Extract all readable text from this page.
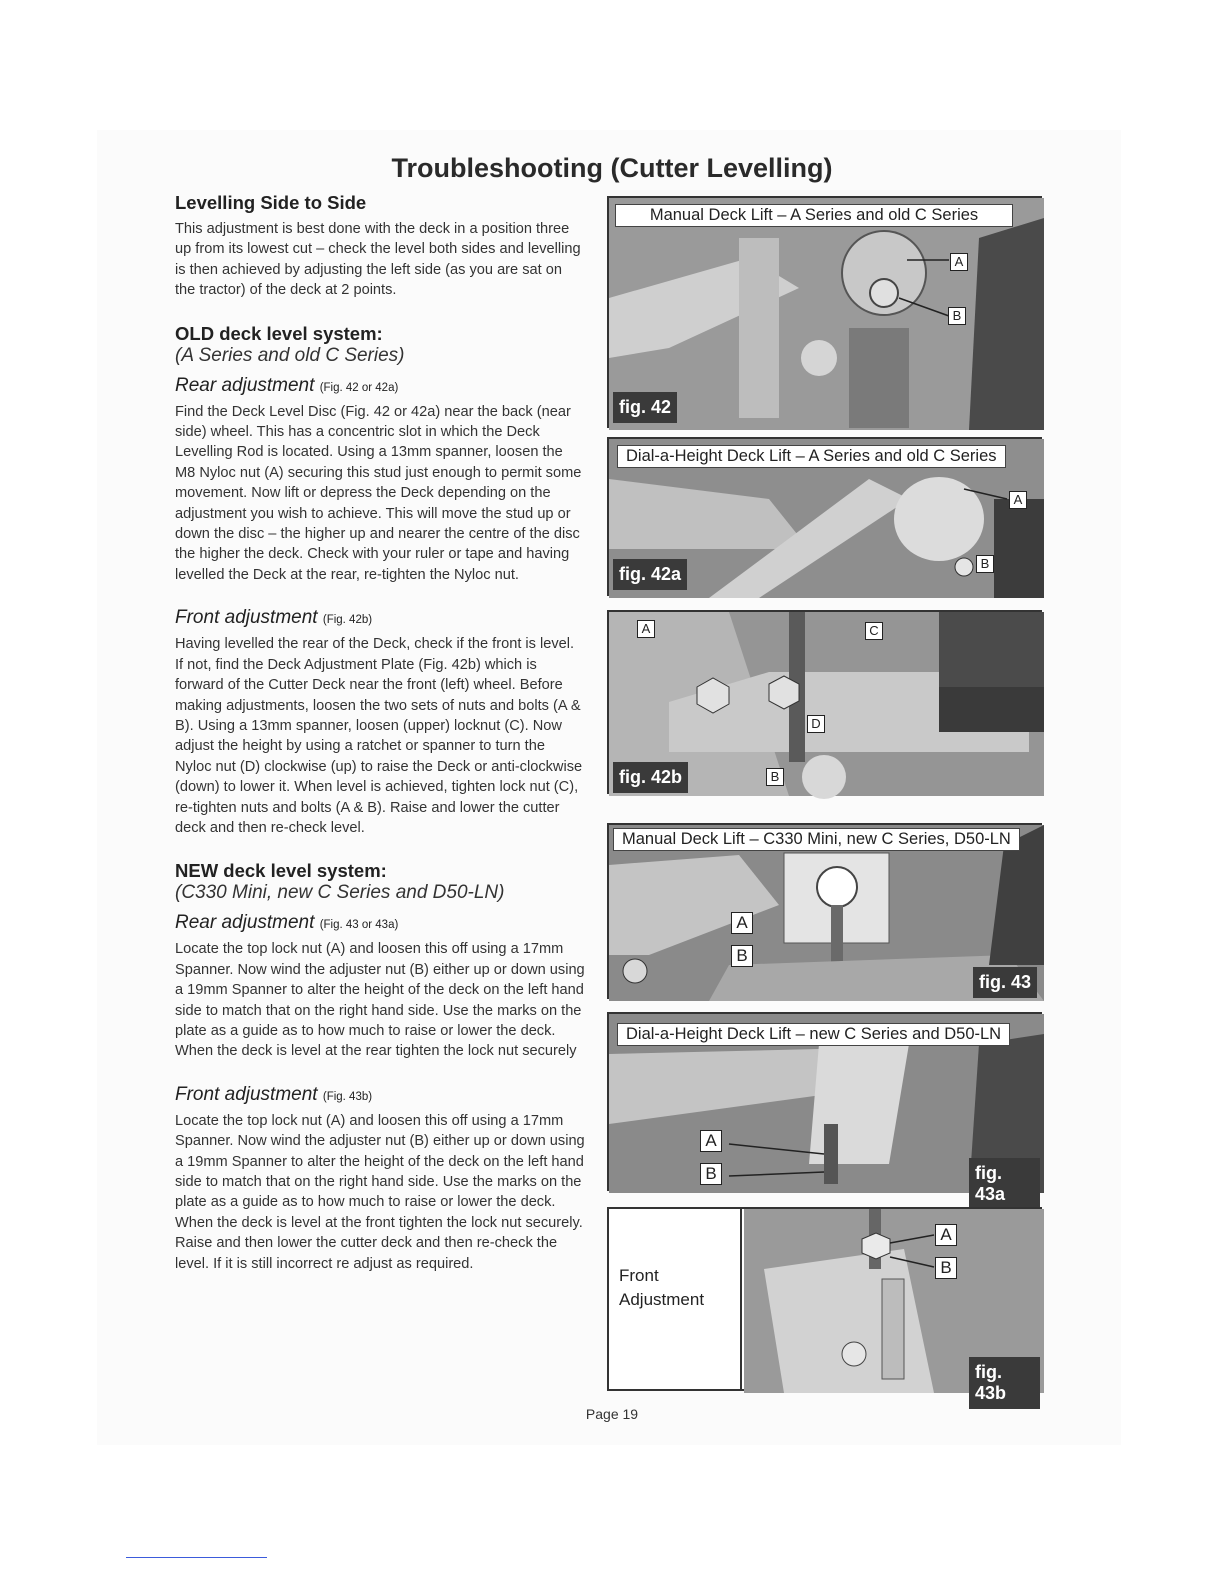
Troubleshooting (Cutter Levelling)
Levelling Side to Side

This adjustment is best done with the deck in a position three up from its lowest cut – check the level both sides and levelling is then achieved by adjusting the left side (as you are sat on the tractor) of the deck at 2 points.

OLD deck level system:
(A Series and old C Series)
Rear adjustment (Fig. 42 or 42a)

Find the Deck Level Disc (Fig. 42 or 42a) near the back (near side) wheel. This has a concentric slot in which the Deck Levelling Rod is located. Using a 13mm spanner, loosen the M8 Nyloc nut (A) securing this stud just enough to permit some movement. Now lift or depress the Deck depending on the adjustment you wish to achieve. This will move the stud up or down the disc – the higher up and nearer the centre of the disc the higher the deck. Check with your ruler or tape and having levelled the Deck at the rear, re-tighten the Nyloc nut.

Front adjustment (Fig. 42b)

Having levelled the rear of the Deck, check if the front is level. If not, find the Deck Adjustment Plate (Fig. 42b) which is forward of the Cutter Deck near the front (left) wheel. Before making adjustments, loosen the two sets of nuts and bolts (A & B). Using a 13mm spanner, loosen (upper) locknut (C). Now adjust the height by using a ratchet or spanner to turn the Nyloc nut (D) clockwise (up) to raise the Deck or anti-clockwise (down) to lower it. When level is achieved, tighten lock nut (C), re-tighten nuts and bolts (A & B). Raise and lower the cutter deck and then re-check level.

NEW deck level system:
(C330 Mini, new C Series and D50-LN)
Rear adjustment (Fig. 43 or 43a)

Locate the top lock nut (A) and loosen this off using a 17mm Spanner. Now wind the adjuster nut (B) either up or down using a 19mm Spanner to alter the height of the deck on the left hand side to match that on the right hand side. Use the marks on the plate as a guide as to how much to raise or lower the deck. When the deck is level at the rear tighten the lock nut securely

Front adjustment (Fig. 43b)

Locate the top lock nut (A) and loosen this off using a 17mm Spanner. Now wind the adjuster nut (B) either up or down using a 19mm Spanner to alter the height of the deck on the left hand side to match that on the right hand side. Use the marks on the plate as a guide as to how much to raise or lower the deck. When the deck is level at the front tighten the lock nut securely. Raise and then lower the cutter deck and then re-check the level. If it is still incorrect re adjust as required.

Manual Deck Lift – A Series and old C Series
fig. 42
A
B
Dial-a-Height Deck Lift – A Series and old C Series
fig. 42a
A
B
A	C
D
B
fig. 42b
Manual Deck Lift – C330 Mini, new C Series, D50-LN
A
B
fig. 43
Dial-a-Height Deck Lift – new C Series and D50-LN
A
B	fig. 43a
Front Adjustment
A
B
fig. 43b
Page 19
